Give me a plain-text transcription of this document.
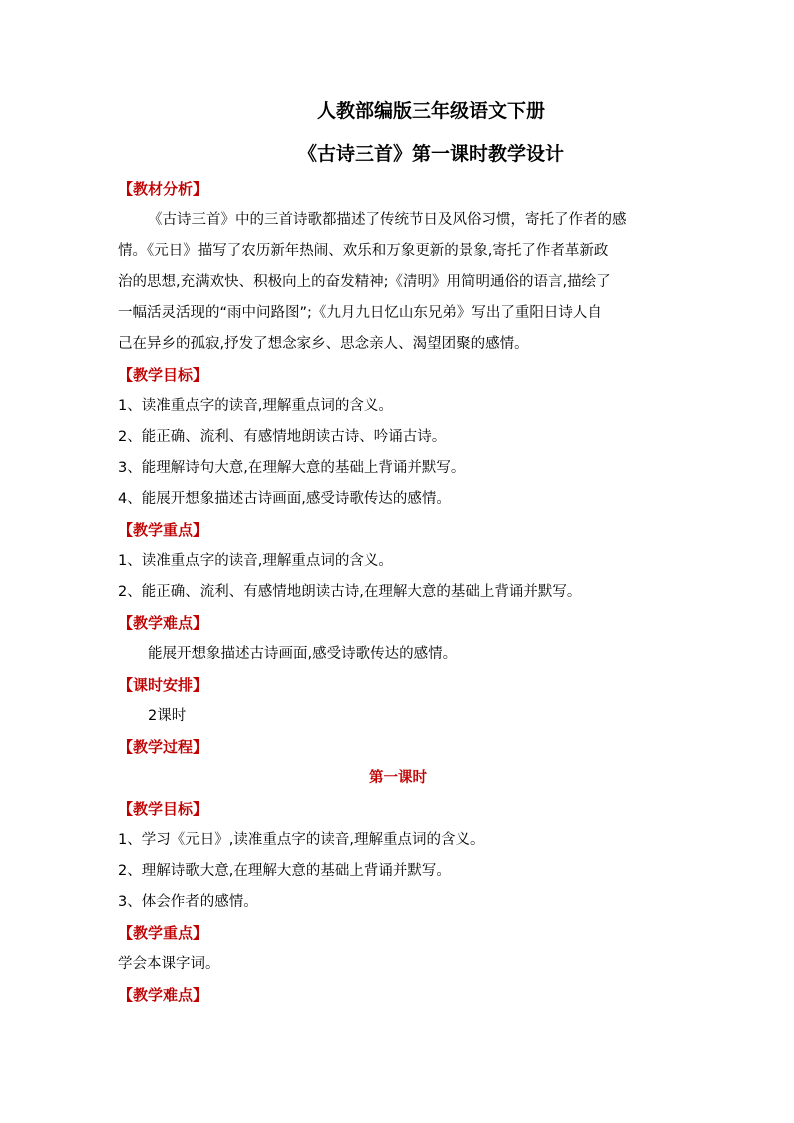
人教部编版三年级语文下册
《古诗三首》第一课时教学设计
【教材分析】
《古诗三首》中的三首诗歌都描述了传统节日及风俗习惯，寄托了作者的感
情。《元日》描写了农历新年热闹、欢乐和万象更新的景象,寄托了作者革新政
治的思想,充满欢快、积极向上的奋发精神;《清明》用简明通俗的语言,描绘了
一幅活灵活现的“雨中问路图”;《九月九日忆山东兄弟》写出了重阳日诗人自
己在异乡的孤寂,抒发了想念家乡、思念亲人、渴望团聚的感情。
【教学目标】
1、读准重点字的读音,理解重点词的含义。
2、能正确、流利、有感情地朗读古诗、吟诵古诗。
3、能理解诗句大意,在理解大意的基础上背诵并默写。
4、能展开想象描述古诗画面,感受诗歌传达的感情。
【教学重点】
1、读准重点字的读音,理解重点词的含义。
2、能正确、流利、有感情地朗读古诗,在理解大意的基础上背诵并默写。
【教学难点】
能展开想象描述古诗画面,感受诗歌传达的感情。
【课时安排】
2课时
【教学过程】
第一课时
【教学目标】
1、学习《元日》,读准重点字的读音,理解重点词的含义。
2、理解诗歌大意,在理解大意的基础上背诵并默写。
3、体会作者的感情。
【教学重点】
学会本课字词。
【教学难点】
